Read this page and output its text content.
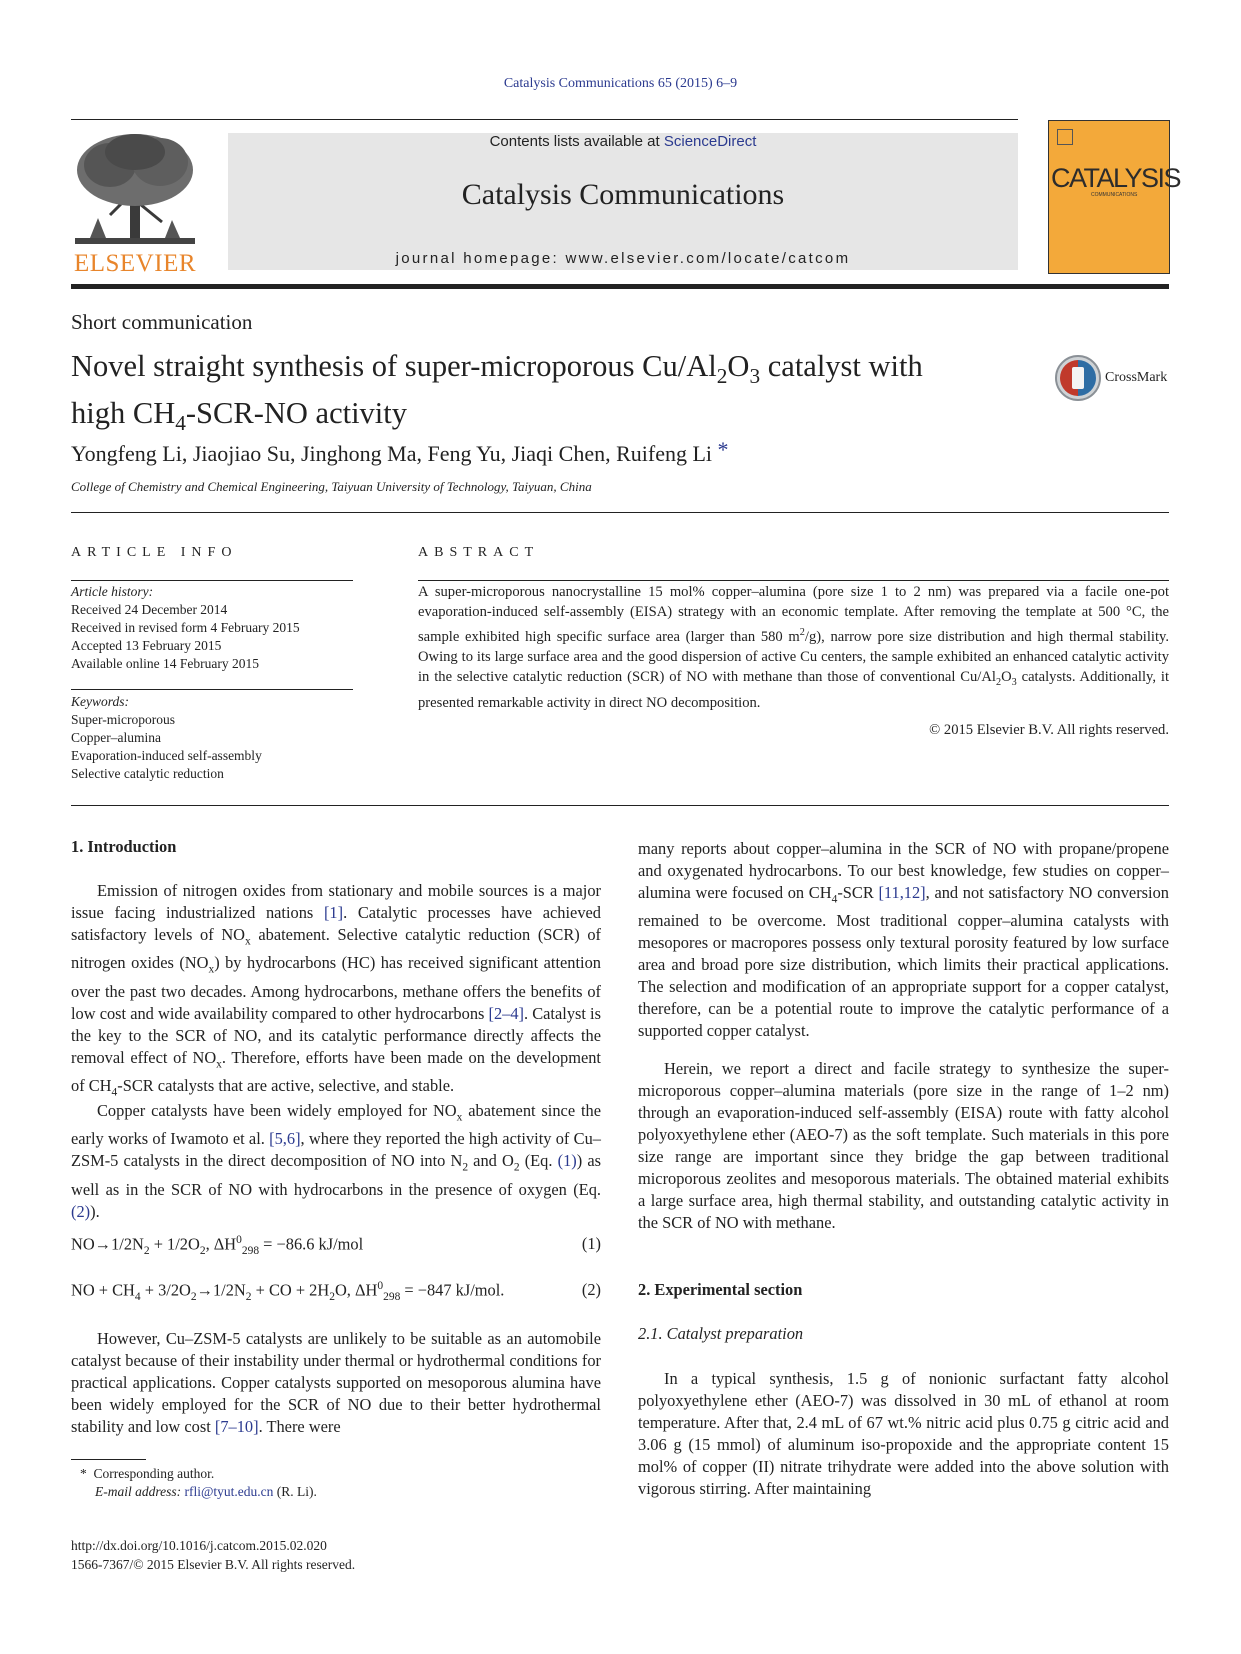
Catalysis Communications 65 (2015) 6–9
ELSEVIER
Contents lists available at ScienceDirect
Catalysis Communications
journal homepage: www.elsevier.com/locate/catcom
CATALYSIS
COMMUNICATIONS
Short communication
Novel straight synthesis of super-microporous $Cu/Al_2O_3$ catalyst with
high $CH_4-SCR-NO$ activity
CrossMark
Yongfeng Li, Jiaojiao Su, Jinghong Ma, Feng Yu, Jiaqi Chen, Ruifeng Li *
College of Chemistry and Chemical Engineering, Taiyuan University of Technology, Taiyuan, China
ARTICLE INFO
Article history:
Received 24 December 2014
Received in revised form 4 February 2015
Accepted 13 February 2015
Available online 14 February 2015
Keywords:
Super-microporous
Copper–alumina
Evaporation-induced self-assembly
Selective catalytic reduction
ABSTRACT
A super-microporous nanocrystalline 15 mol% copper–alumina (pore size 1 to 2 nm) was prepared via a facile one-pot evaporation-induced self-assembly (EISA) strategy with an economic template. After removing the template at 500 °C, the sample exhibited high specific surface area (larger than 580 $m^2/g$), narrow pore size distribution and high thermal stability. Owing to its large surface area and the good dispersion of active Cu centers, the sample exhibited an enhanced catalytic activity in the selective catalytic reduction (SCR) of NO with methane than those of conventional $Cu/Al_2O_3$ catalysts. Additionally, it presented remarkable activity in direct NO decomposition.
© 2015 Elsevier B.V. All rights reserved.
1. Introduction

Emission of nitrogen oxides from stationary and mobile sources is a major issue facing industrialized nations [1]. Catalytic processes have achieved satisfactory levels of $NO_x$ abatement. Selective catalytic reduction (SCR) of nitrogen oxides $(NO_x)$ by hydrocarbons (HC) has received significant attention over the past two decades. Among hydrocarbons, methane offers the benefits of low cost and wide availability compared to other hydrocarbons [2–4]. Catalyst is the key to the SCR of NO, and its catalytic performance directly affects the removal effect of $NO_x$. Therefore, efforts have been made on the development of $CH_4$-SCR catalysts that are active, selective, and stable.

Copper catalysts have been widely employed for $NO_x$ abatement since the early works of Iwamoto et al. [5,6], where they reported the high activity of Cu–ZSM-5 catalysts in the direct decomposition of NO into $N_2$ and $O_2$ (Eq. (1)) as well as in the SCR of NO with hydrocarbons in the presence of oxygen (Eq. (2)).

$NO\to 1/2N_2 + 1/2O_2$, $\Delta H^0_{298} = -86.6$ kJ/mol	(1)
NO + $CH_4 + 3/2O_2\to 1/2N_2$ + CO + $2H_2O$, $\Delta H^0_{298} = -847$ kJ/mol.	(2)

However, Cu–ZSM-5 catalysts are unlikely to be suitable as an automobile catalyst because of their instability under thermal or hydrothermal conditions for practical applications. Copper catalysts supported on mesoporous alumina have been widely employed for the SCR of NO due to their better hydrothermal stability and low cost [7–10]. There were

* Corresponding author.
E-mail address: rfli@tyut.edu.cn (R. Li).
http://dx.doi.org/10.1016/j.catcom.2015.02.020
1566-7367/© 2015 Elsevier B.V. All rights reserved.

many reports about copper–alumina in the SCR of NO with propane/propene and oxygenated hydrocarbons. To our best knowledge, few studies on copper–alumina were focused on $CH_4$-SCR [11,12], and not satisfactory NO conversion remained to be overcome. Most traditional copper–alumina catalysts with mesopores or macropores possess only textural porosity featured by low surface area and broad pore size distribution, which limits their practical applications. The selection and modification of an appropriate support for a copper catalyst, therefore, can be a potential route to improve the catalytic performance of a supported copper catalyst.

Herein, we report a direct and facile strategy to synthesize the super-microporous copper–alumina materials (pore size in the range of 1–2 nm) through an evaporation-induced self-assembly (EISA) route with fatty alcohol polyoxyethylene ether (AEO-7) as the soft template. Such materials in this pore size range are important since they bridge the gap between traditional microporous zeolites and mesoporous materials. The obtained material exhibits a large surface area, high thermal stability, and outstanding catalytic activity in the SCR of NO with methane.

2. Experimental section
2.1. Catalyst preparation

In a typical synthesis, 1.5 g of nonionic surfactant fatty alcohol polyoxyethylene ether (AEO-7) was dissolved in 30 mL of ethanol at room temperature. After that, 2.4 mL of 67 wt.% nitric acid plus 0.75 g citric acid and 3.06 g (15 mmol) of aluminum iso-propoxide and the appropriate content 15 mol% of copper (II) nitrate trihydrate were added into the above solution with vigorous stirring. After maintaining
